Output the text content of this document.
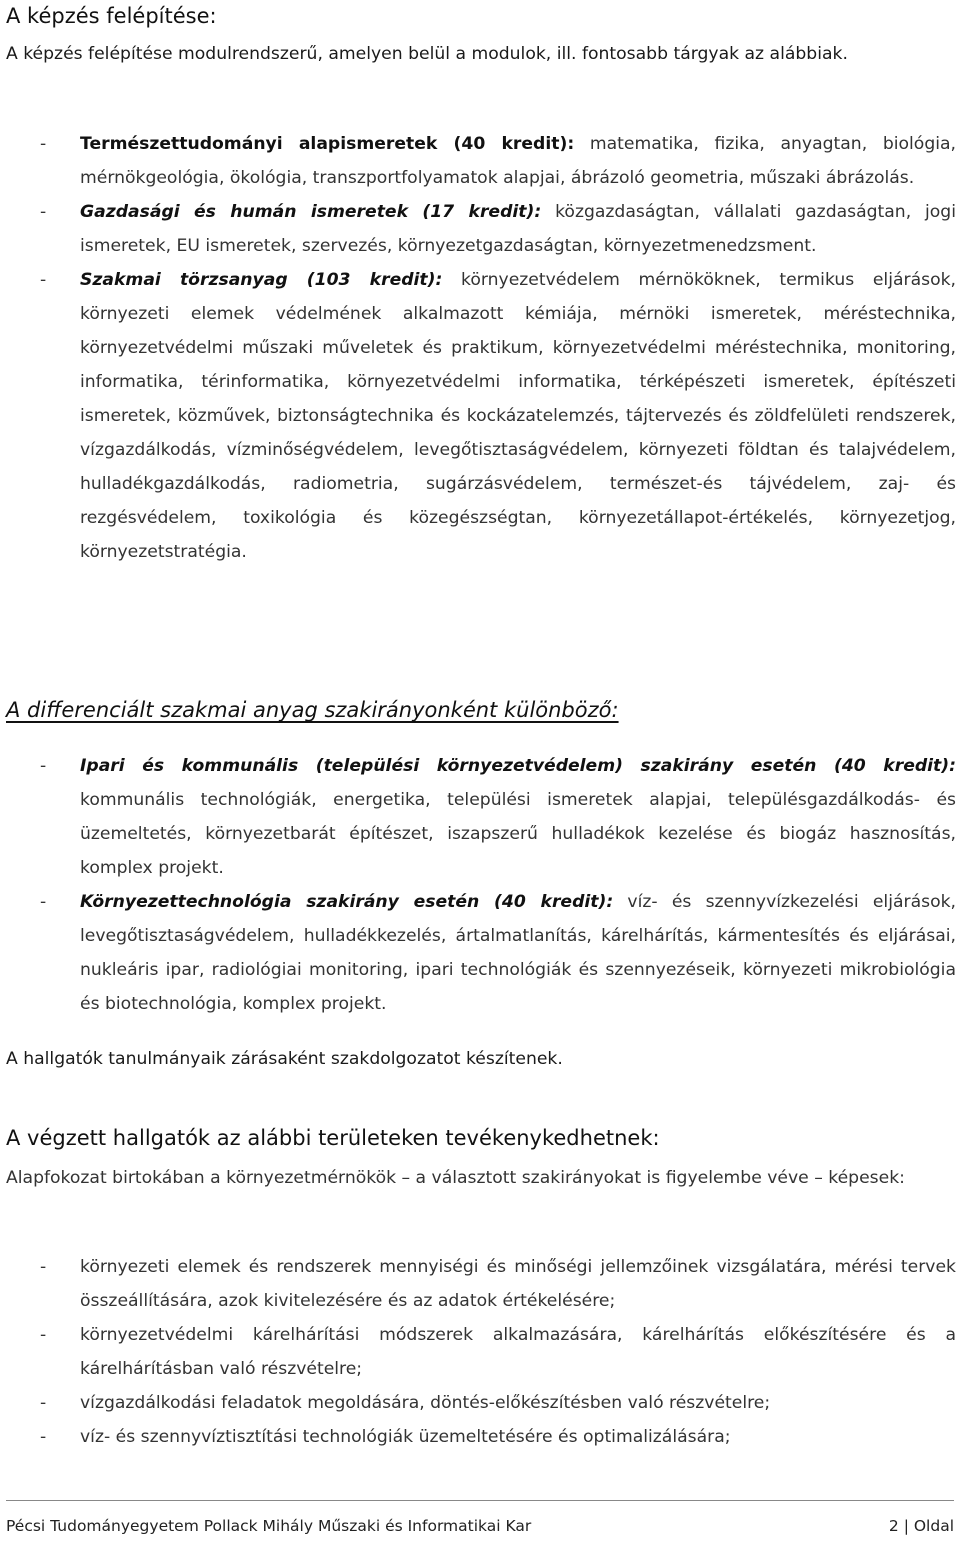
A képzés felépítése:

A képzés felépítése modulrendszerű, amelyen belül a modulok, ill. fontosabb tárgyak az alábbiak.

- Természettudományi alapismeretek (40 kredit): matematika, fizika, anyagtan, biológia, mérnökgeológia, ökológia, transzportfolyamatok alapjai, ábrázoló geometria, műszaki ábrázolás.
- Gazdasági és humán ismeretek (17 kredit): közgazdaságtan, vállalati gazdaságtan, jogi ismeretek, EU ismeretek, szervezés, környezetgazdaságtan, környezetmenedzsment.
- Szakmai törzsanyag (103 kredit): környezetvédelem mérnököknek, termikus eljárások, környezeti elemek védelmének alkalmazott kémiája, mérnöki ismeretek, méréstechnika, környezetvédelmi műszaki műveletek és praktikum, környezetvédelmi méréstechnika, monitoring, informatika, térinformatika, környezetvédelmi informatika, térképészeti ismeretek, építészeti ismeretek, közművek, biztonságtechnika és kockázatelemzés, tájtervezés és zöldfelületi rendszerek, vízgazdálkodás, vízminőségvédelem, levegőtisztaságvédelem, környezeti földtan és talajvédelem, hulladékgazdálkodás, radiometria, sugárzásvédelem, természet-és tájvédelem, zaj- és rezgésvédelem, toxikológia és közegészségtan, környezetállapot-értékelés, környezetjog, környezetstratégia.
A differenciált szakmai anyag szakirányonként különböző:
- Ipari és kommunális (települési környezetvédelem) szakirány esetén (40 kredit): kommunális technológiák, energetika, települési ismeretek alapjai, településgazdálkodás- és üzemeltetés, környezetbarát építészet, iszapszerű hulladékok kezelése és biogáz hasznosítás, komplex projekt.
- Környezettechnológia szakirány esetén (40 kredit): víz- és szennyvízkezelési eljárások, levegőtisztaságvédelem, hulladékkezelés, ártalmatlanítás, kárelhárítás, kármentesítés és eljárásai, nukleáris ipar, radiológiai monitoring, ipari technológiák és szennyezéseik, környezeti mikrobiológia és biotechnológia, komplex projekt.

A hallgatók tanulmányaik zárásaként szakdolgozatot készítenek.

A végzett hallgatók az alábbi területeken tevékenykedhetnek:

Alapfokozat birtokában a környezetmérnökök – a választott szakirányokat is figyelembe véve – képesek:

- környezeti elemek és rendszerek mennyiségi és minőségi jellemzőinek vizsgálatára, mérési tervek összeállítására, azok kivitelezésére és az adatok értékelésére;
- környezetvédelmi kárelhárítási módszerek alkalmazására, kárelhárítás előkészítésére és a kárelhárításban való részvételre;
- vízgazdálkodási feladatok megoldására, döntés-előkészítésben való részvételre;
- víz- és szennyvíztisztítási technológiák üzemeltetésére és optimalizálására;
Pécsi Tudományegyetem Pollack Mihály Műszaki és Informatikai Kar	2 | Oldal
